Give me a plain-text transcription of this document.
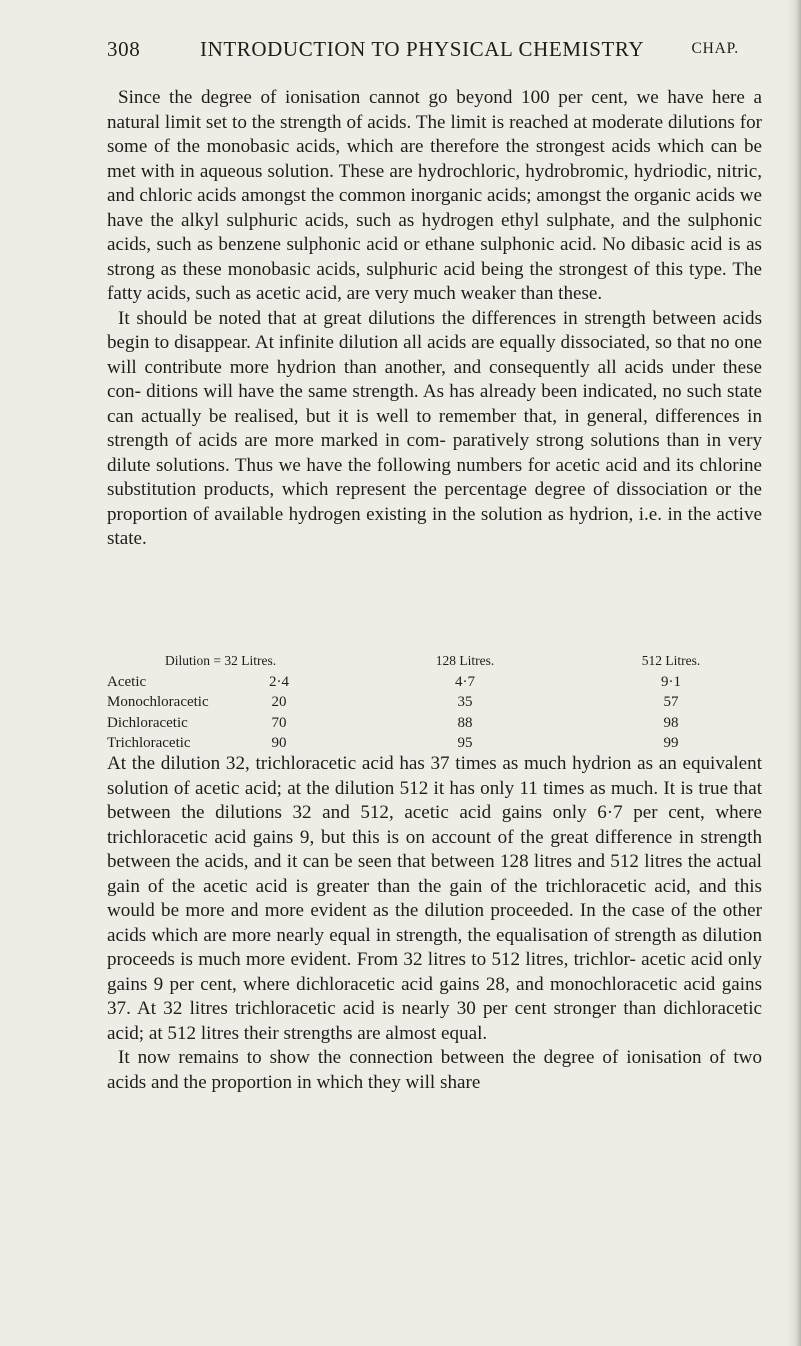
308	INTRODUCTION TO PHYSICAL CHEMISTRY	CHAP.

Since the degree of ionisation cannot go beyond 100 per cent, we have here a natural limit set to the strength of acids. The limit is reached at moderate dilutions for some of the monobasic acids, which are therefore the strongest acids which can be met with in aqueous solution. These are hydrochloric, hydrobromic, hydriodic, nitric, and chloric acids amongst the common inorganic acids; amongst the organic acids we have the alkyl sulphuric acids, such as hydrogen ethyl sulphate, and the sulphonic acids, such as benzene sulphonic acid or ethane sulphonic acid. No dibasic acid is as strong as these monobasic acids, sulphuric acid being the strongest of this type. The fatty acids, such as acetic acid, are very much weaker than these.

It should be noted that at great dilutions the differences in strength between acids begin to disappear. At infinite dilution all acids are equally dissociated, so that no one will contribute more hydrion than another, and consequently all acids under these con- ditions will have the same strength. As has already been indicated, no such state can actually be realised, but it is well to remember that, in general, differences in strength of acids are more marked in com- paratively strong solutions than in very dilute solutions. Thus we have the following numbers for acetic acid and its chlorine substitution products, which represent the percentage degree of dissociation or the proportion of available hydrogen existing in the solution as hydrion, i.e. in the active state.

Dilution = 32 Litres.	128 Litres.	512 Litres.
Acetic	2·4	4·7	9·1
Monochloracetic	20	35	57
Dichloracetic	70	88	98
Trichloracetic	90	95	99

At the dilution 32, trichloracetic acid has 37 times as much hydrion as an equivalent solution of acetic acid; at the dilution 512 it has only 11 times as much. It is true that between the dilutions 32 and 512, acetic acid gains only 6·7 per cent, where trichloracetic acid gains 9, but this is on account of the great difference in strength between the acids, and it can be seen that between 128 litres and 512 litres the actual gain of the acetic acid is greater than the gain of the trichloracetic acid, and this would be more and more evident as the dilution proceeded. In the case of the other acids which are more nearly equal in strength, the equalisation of strength as dilution proceeds is much more evident. From 32 litres to 512 litres, trichlor- acetic acid only gains 9 per cent, where dichloracetic acid gains 28, and monochloracetic acid gains 37. At 32 litres trichloracetic acid is nearly 30 per cent stronger than dichloracetic acid; at 512 litres their strengths are almost equal.

It now remains to show the connection between the degree of ionisation of two acids and the proportion in which they will share
